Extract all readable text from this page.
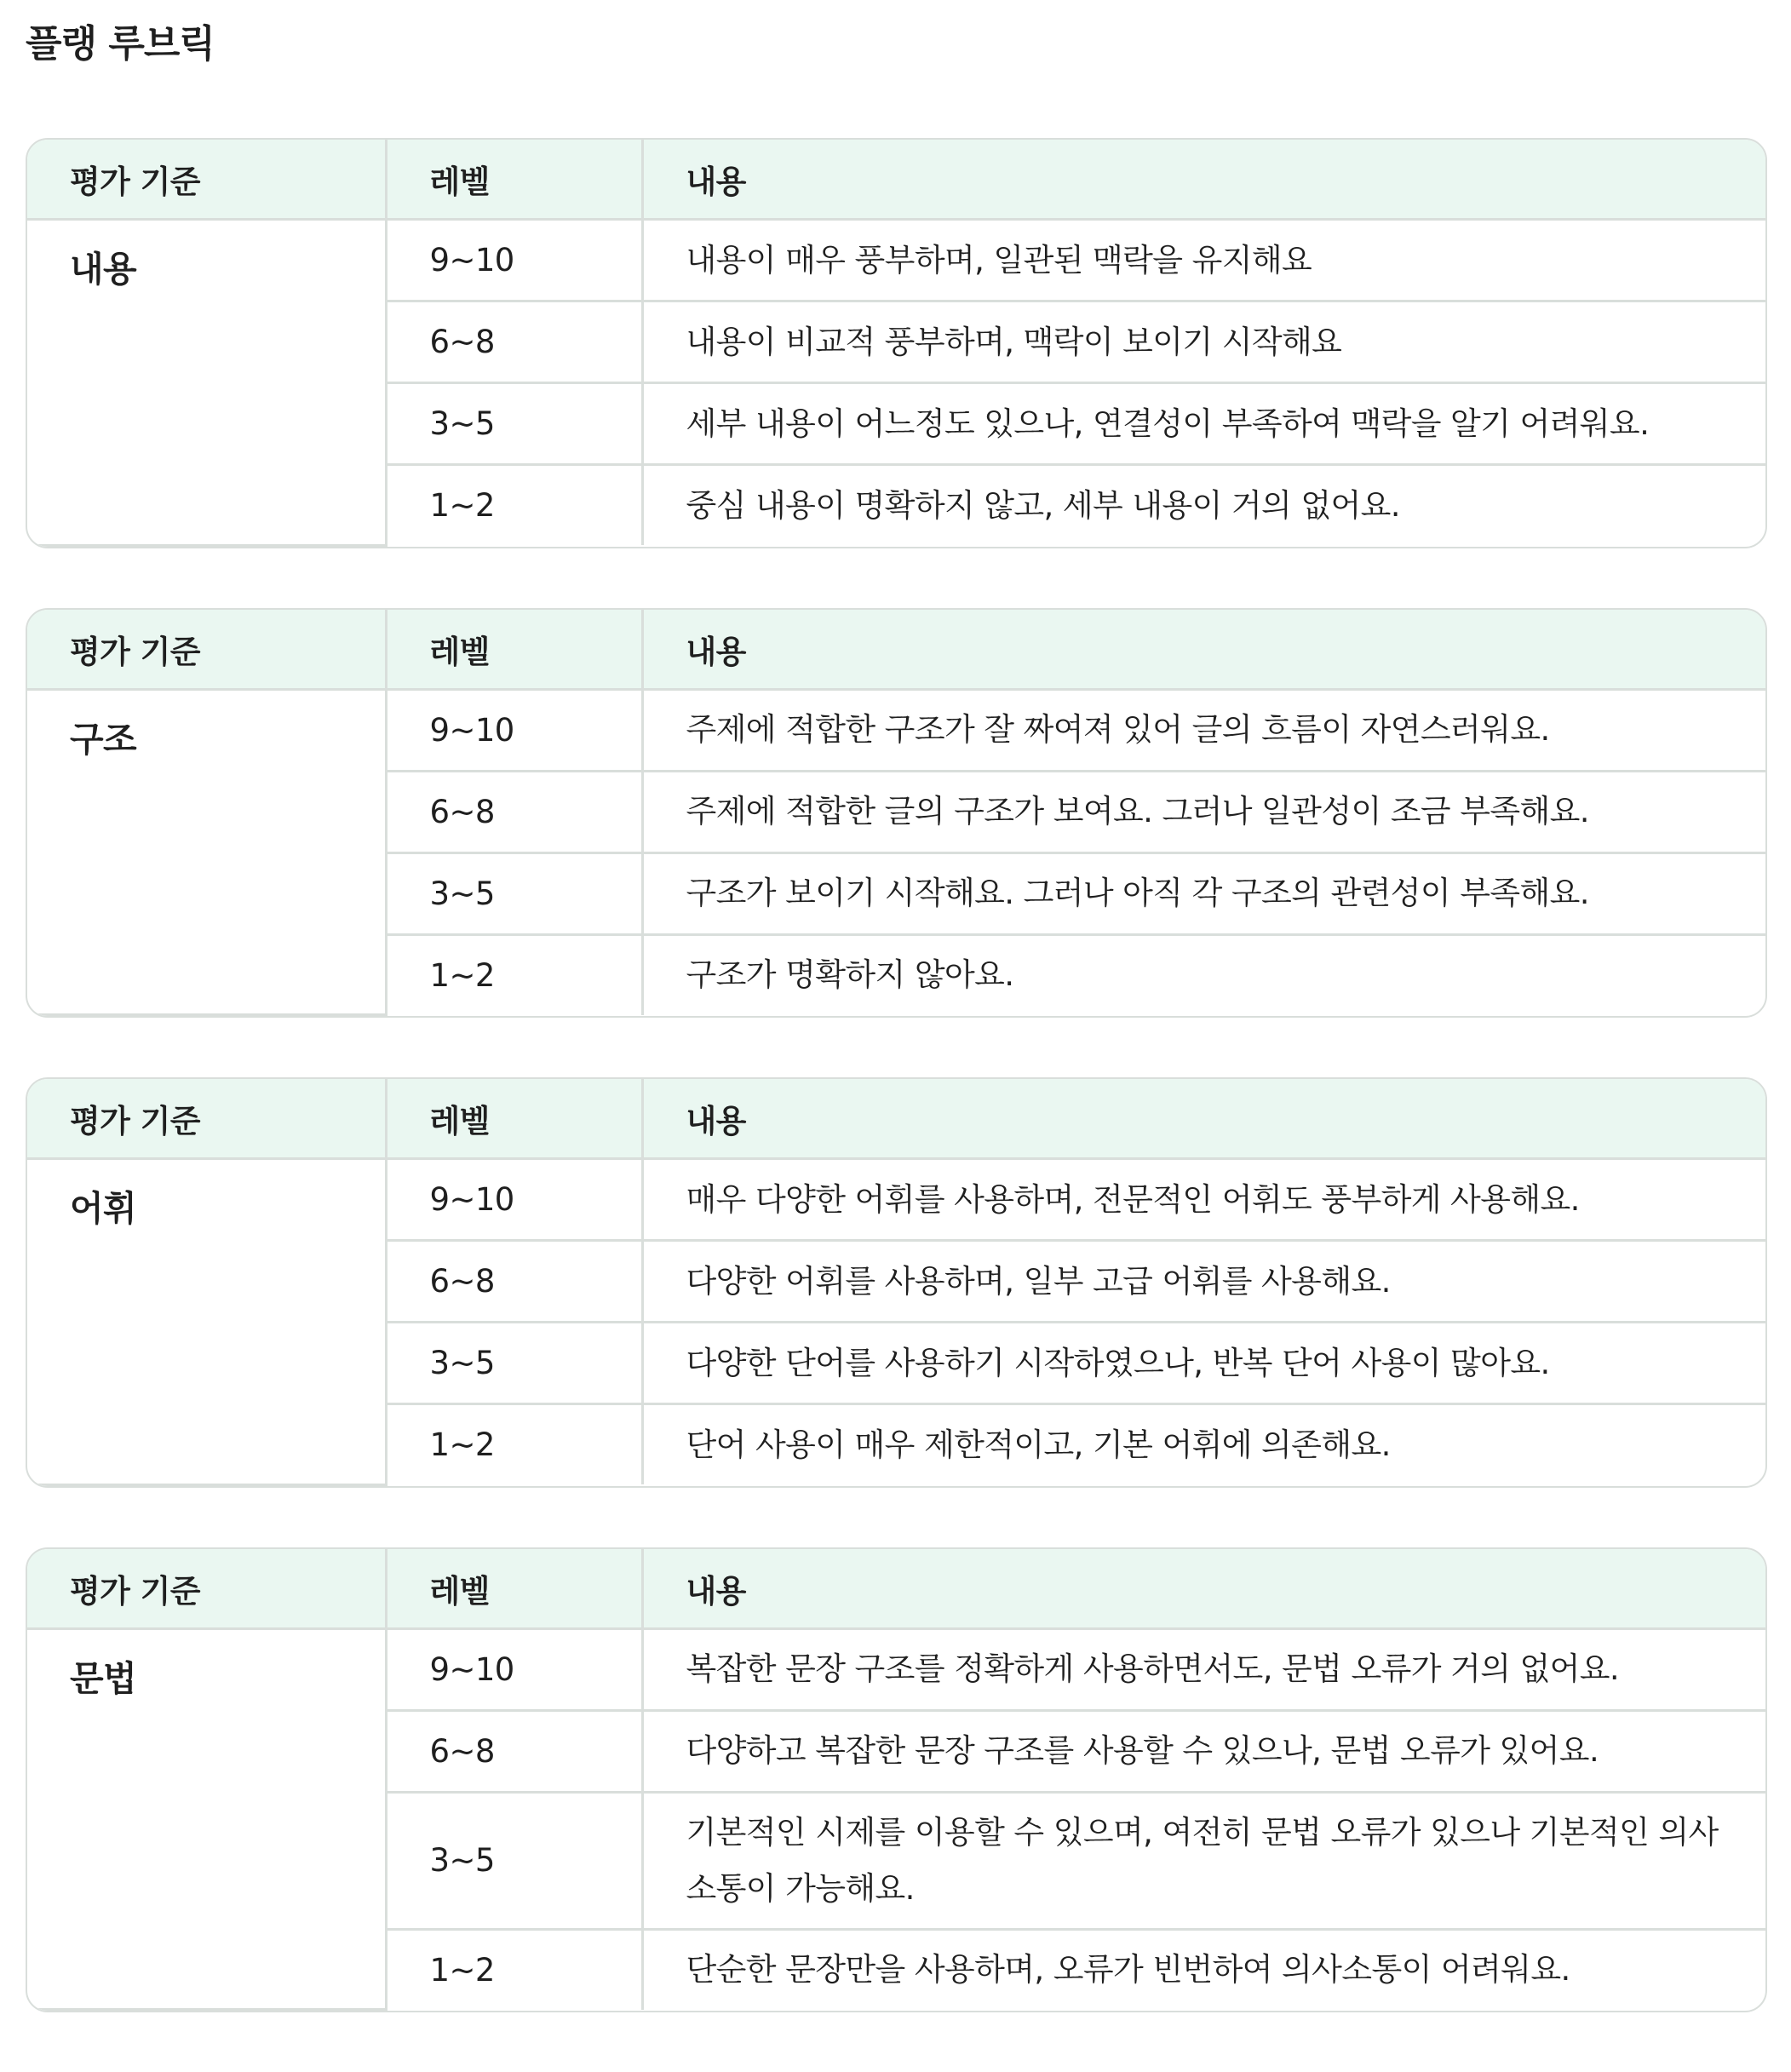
플랭 루브릭
평가 기준	레벨	내용
내용	9~10	내용이 매우 풍부하며, 일관된 맥락을 유지해요
	6~8	내용이 비교적 풍부하며, 맥락이 보이기 시작해요
	3~5	세부 내용이 어느정도 있으나, 연결성이 부족하여 맥락을 알기 어려워요.
	1~2	중심 내용이 명확하지 않고, 세부 내용이 거의 없어요.
평가 기준	레벨	내용
구조	9~10	주제에 적합한 구조가 잘 짜여져 있어 글의 흐름이 자연스러워요.
	6~8	주제에 적합한 글의 구조가 보여요. 그러나 일관성이 조금 부족해요.
	3~5	구조가 보이기 시작해요. 그러나 아직 각 구조의 관련성이 부족해요.
	1~2	구조가 명확하지 않아요.
평가 기준	레벨	내용
어휘	9~10	매우 다양한 어휘를 사용하며, 전문적인 어휘도 풍부하게 사용해요.
	6~8	다양한 어휘를 사용하며, 일부 고급 어휘를 사용해요.
	3~5	다양한 단어를 사용하기 시작하였으나, 반복 단어 사용이 많아요.
	1~2	단어 사용이 매우 제한적이고, 기본 어휘에 의존해요.
평가 기준	레벨	내용
문법	9~10	복잡한 문장 구조를 정확하게 사용하면서도, 문법 오류가 거의 없어요.
	6~8	다양하고 복잡한 문장 구조를 사용할 수 있으나, 문법 오류가 있어요.
	3~5	기본적인 시제를 이용할 수 있으며, 여전히 문법 오류가 있으나 기본적인 의사소통이 가능해요.
	1~2	단순한 문장만을 사용하며, 오류가 빈번하여 의사소통이 어려워요.
